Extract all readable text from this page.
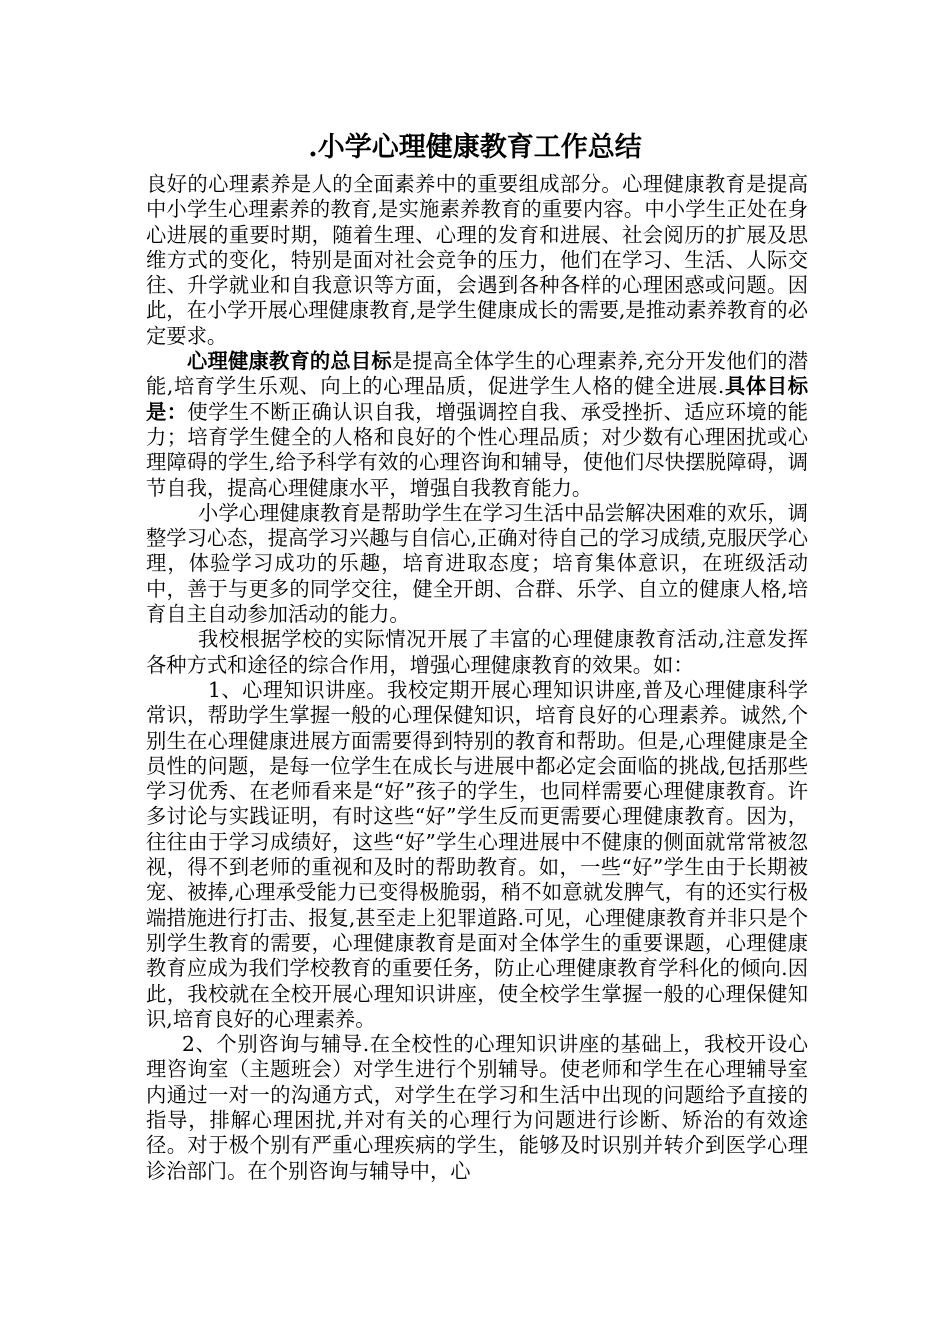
.小学心理健康教育工作总结

良好的心理素养是人的全面素养中的重要组成部分。心理健康教育是提高中小学生心理素养的教育,是实施素养教育的重要内容。中小学生正处在身心进展的重要时期，随着生理、心理的发育和进展、社会阅历的扩展及思维方式的变化，特别是面对社会竞争的压力，他们在学习、生活、人际交往、升学就业和自我意识等方面，会遇到各种各样的心理困惑或问题。因此，在小学开展心理健康教育,是学生健康成长的需要,是推动素养教育的必定要求。

心理健康教育的总目标是提高全体学生的心理素养,充分开发他们的潜能,培育学生乐观、向上的心理品质，促进学生人格的健全进展.具体目标是：使学生不断正确认识自我，增强调控自我、承受挫折、适应环境的能力；培育学生健全的人格和良好的个性心理品质；对少数有心理困扰或心理障碍的学生,给予科学有效的心理咨询和辅导，使他们尽快摆脱障碍，调节自我，提高心理健康水平，增强自我教育能力。

小学心理健康教育是帮助学生在学习生活中品尝解决困难的欢乐，调整学习心态，提高学习兴趣与自信心,正确对待自己的学习成绩,克服厌学心理，体验学习成功的乐趣，培育进取态度；培育集体意识，在班级活动中，善于与更多的同学交往，健全开朗、合群、乐学、自立的健康人格,培育自主自动参加活动的能力。

我校根据学校的实际情况开展了丰富的心理健康教育活动,注意发挥各种方式和途径的综合作用，增强心理健康教育的效果。如：

1、心理知识讲座。我校定期开展心理知识讲座,普及心理健康科学常识，帮助学生掌握一般的心理保健知识，培育良好的心理素养。诚然,个别生在心理健康进展方面需要得到特别的教育和帮助。但是,心理健康是全员性的问题，是每一位学生在成长与进展中都必定会面临的挑战,包括那些学习优秀、在老师看来是“好”孩子的学生，也同样需要心理健康教育。许多讨论与实践证明，有时这些“好”学生反而更需要心理健康教育。因为，往往由于学习成绩好，这些“好”学生心理进展中不健康的侧面就常常被忽视，得不到老师的重视和及时的帮助教育。如，一些“好”学生由于长期被宠、被捧,心理承受能力已变得极脆弱，稍不如意就发脾气，有的还实行极端措施进行打击、报复,甚至走上犯罪道路.可见，心理健康教育并非只是个别学生教育的需要，心理健康教育是面对全体学生的重要课题，心理健康教育应成为我们学校教育的重要任务，防止心理健康教育学科化的倾向.因此，我校就在全校开展心理知识讲座，使全校学生掌握一般的心理保健知识,培育良好的心理素养。

2、个别咨询与辅导.在全校性的心理知识讲座的基础上，我校开设心理咨询室（主题班会）对学生进行个别辅导。使老师和学生在心理辅导室内通过一对一的沟通方式，对学生在学习和生活中出现的问题给予直接的指导，排解心理困扰,并对有关的心理行为问题进行诊断、矫治的有效途径。对于极个别有严重心理疾病的学生，能够及时识别并转介到医学心理诊治部门。在个别咨询与辅导中，心
